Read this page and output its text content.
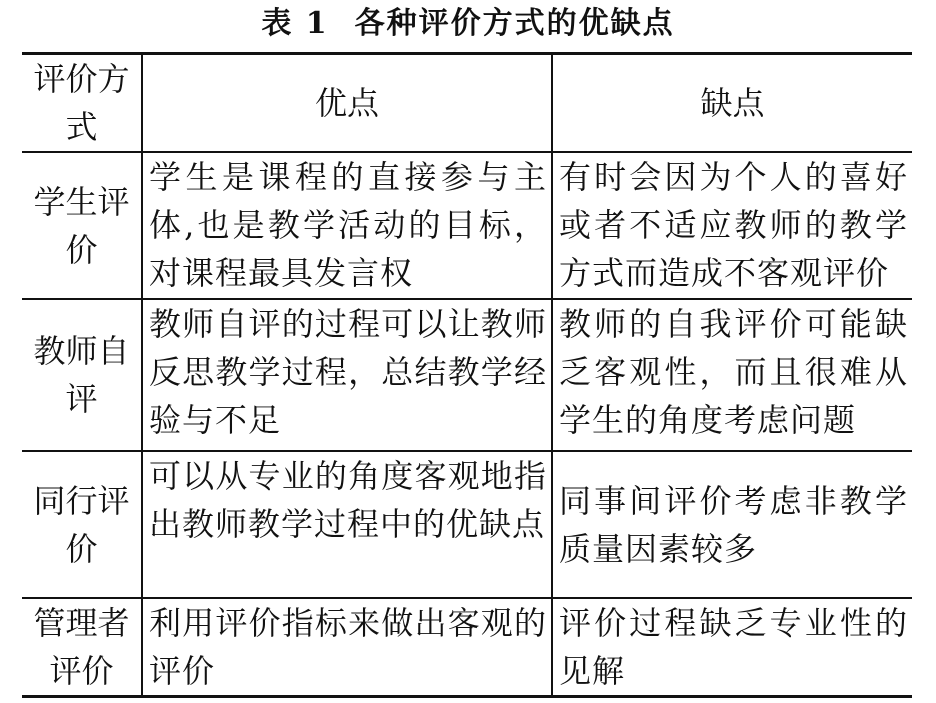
表 1 各种评价方式的优缺点
评价方式	优点	缺点

学生评价	学生是课程的直接参与主体,也是教学活动的目标，对课程最具发言权	有时会因为个人的喜好或者不适应教师的教学方式而造成不客观评价

教师自评	教师自评的过程可以让教师反思教学过程，总结教学经验与不足	教师的自我评价可能缺乏客观性，而且很难从学生的角度考虑问题

同行评价	可以从专业的角度客观地指出教师教学过程中的优缺点	同事间评价考虑非教学质量因素较多

管理者评价	利用评价指标来做出客观的评价	评价过程缺乏专业性的见解
